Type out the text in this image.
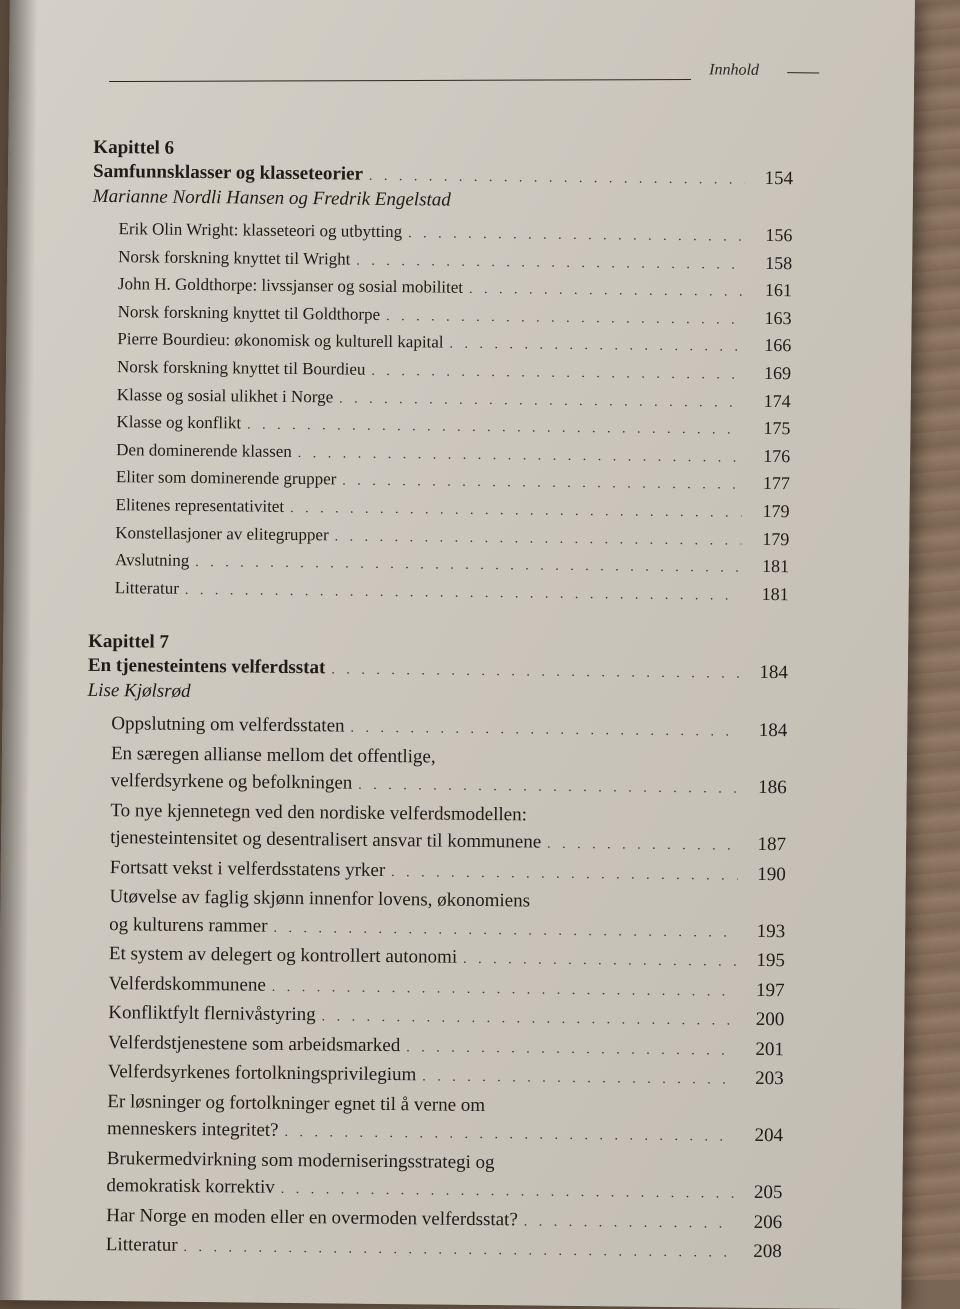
Innhold
Kapittel 6
Samfunnsklasser og klasseteorier . . .	154
Marianne Nordli Hansen og Fredrik Engelstad
Erik Olin Wright: klasseteori og utbytting . . .	156
Norsk forskning knyttet til Wright . . .	158
John H. Goldthorpe: livssjanser og sosial mobilitet . . .	161
Norsk forskning knyttet til Goldthorpe . . .	163
Pierre Bourdieu: økonomisk og kulturell kapital . . .	166
Norsk forskning knyttet til Bourdieu . . .	169
Klasse og sosial ulikhet i Norge . . .	174
Klasse og konflikt . . .	175
Den dominerende klassen . . .	176
Eliter som dominerende grupper . . .	177
Elitenes representativitet . . .	179
Konstellasjoner av elitegrupper . . .	179
Avslutning . . .	181
Litteratur . . .	181
Kapittel 7
En tjenesteintens velferdsstat . . .	184
Lise Kjølsrød
Oppslutning om velferdsstaten . . .	184
En særegen allianse mellom det offentlige,
velferdsyrkene og befolkningen . . .	186
To nye kjennetegn ved den nordiske velferdsmodellen:
tjenesteintensitet og desentralisert ansvar til kommunene . . .	187
Fortsatt vekst i velferdsstatens yrker . . .	190
Utøvelse av faglig skjønn innenfor lovens, økonomiens
og kulturens rammer . . .	193
Et system av delegert og kontrollert autonomi . . .	195
Velferdskommunene . . .	197
Konfliktfylt flernivåstyring . . .	200
Velferdstjenestene som arbeidsmarked . . .	201
Velferdsyrkenes fortolkningsprivilegium . . .	203
Er løsninger og fortolkninger egnet til å verne om
menneskers integritet? . . .	204
Brukermedvirkning som moderniseringsstrategi og
demokratisk korrektiv . . .	205
Har Norge en moden eller en overmoden velferdsstat? . . .	206
Litteratur . . .	208
